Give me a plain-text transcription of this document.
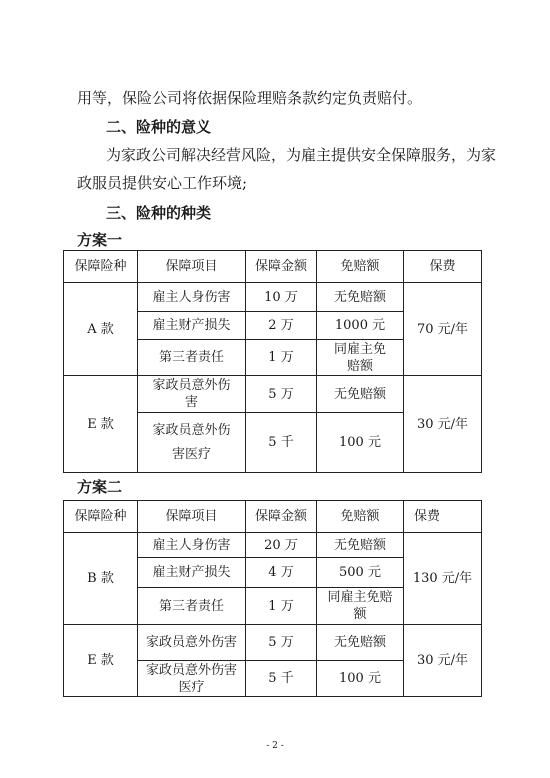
用等，保险公司将依据保险理赔条款约定负责赔付。
二、险种的意义
为家政公司解决经营风险，为雇主提供安全保障服务，为家
政服员提供安心工作环境;
三、险种的种类
方案一
保障险种	保障项目	保障金额	免赔额	保费
A 款	雇主人身伤害	10 万	无免赔额	70 元/年
	雇主财产损失	2 万	1000 元	
	第三者责任	1 万	同雇主免赔额	
E 款	家政员意外伤害	5 万	无免赔额	30 元/年
	家政员意外伤害医疗	5 千	100 元	
方案二
保障险种	保障项目	保障金额	免赔额	保费
B 款	雇主人身伤害	20 万	无免赔额	130 元/年
	雇主财产损失	4 万	500 元	
	第三者责任	1 万	同雇主免赔额	
E 款	家政员意外伤害	5 万	无免赔额	30 元/年
	家政员意外伤害医疗	5 千	100 元	
- 2 -
